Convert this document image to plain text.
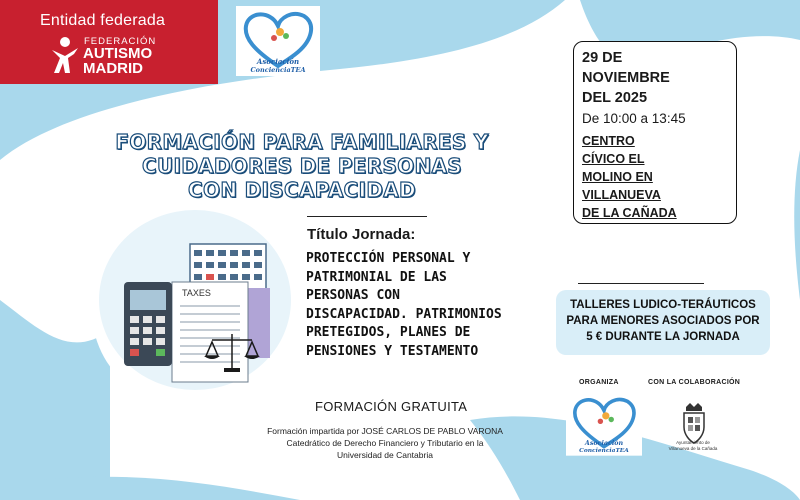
Entidad federada
FEDERACIÓN
AUTISMO
MADRID	Asociación
ConcienciaTEA
FORMACIÓN PARA FAMILIARES Y
CUIDADORES DE PERSONAS
CON DISCAPACIDAD
Título Jornada:
PROTECCIÓN PERSONAL Y
PATRIMONIAL DE LAS
PERSONAS CON
DISCAPACIDAD. PATRIMONIOS
PRETEGIDOS, PLANES DE
PENSIONES Y TESTAMENTO
TAXES
FORMACIÓN GRATUITA
Formación impartida por JOSÉ CARLOS DE PABLO VARONA
Catedrático de Derecho Financiero y Tributario en la
Universidad de Cantabria
29 DE
NOVIEMBRE
DEL 2025
De 10:00 a 13:45
CENTRO
CÍVICO EL
MOLINO EN
VILLANUEVA
DE LA CAÑADA
TALLERES LUDICO-TERÁUTICOS
PARA MENORES ASOCIADOS POR
5 € DURANTE LA JORNADA
ORGANIZA	CON LA COLABORACIÓN
Asociación
ConcienciaTEA
Ayuntamiento de
Villanueva de la Cañada
